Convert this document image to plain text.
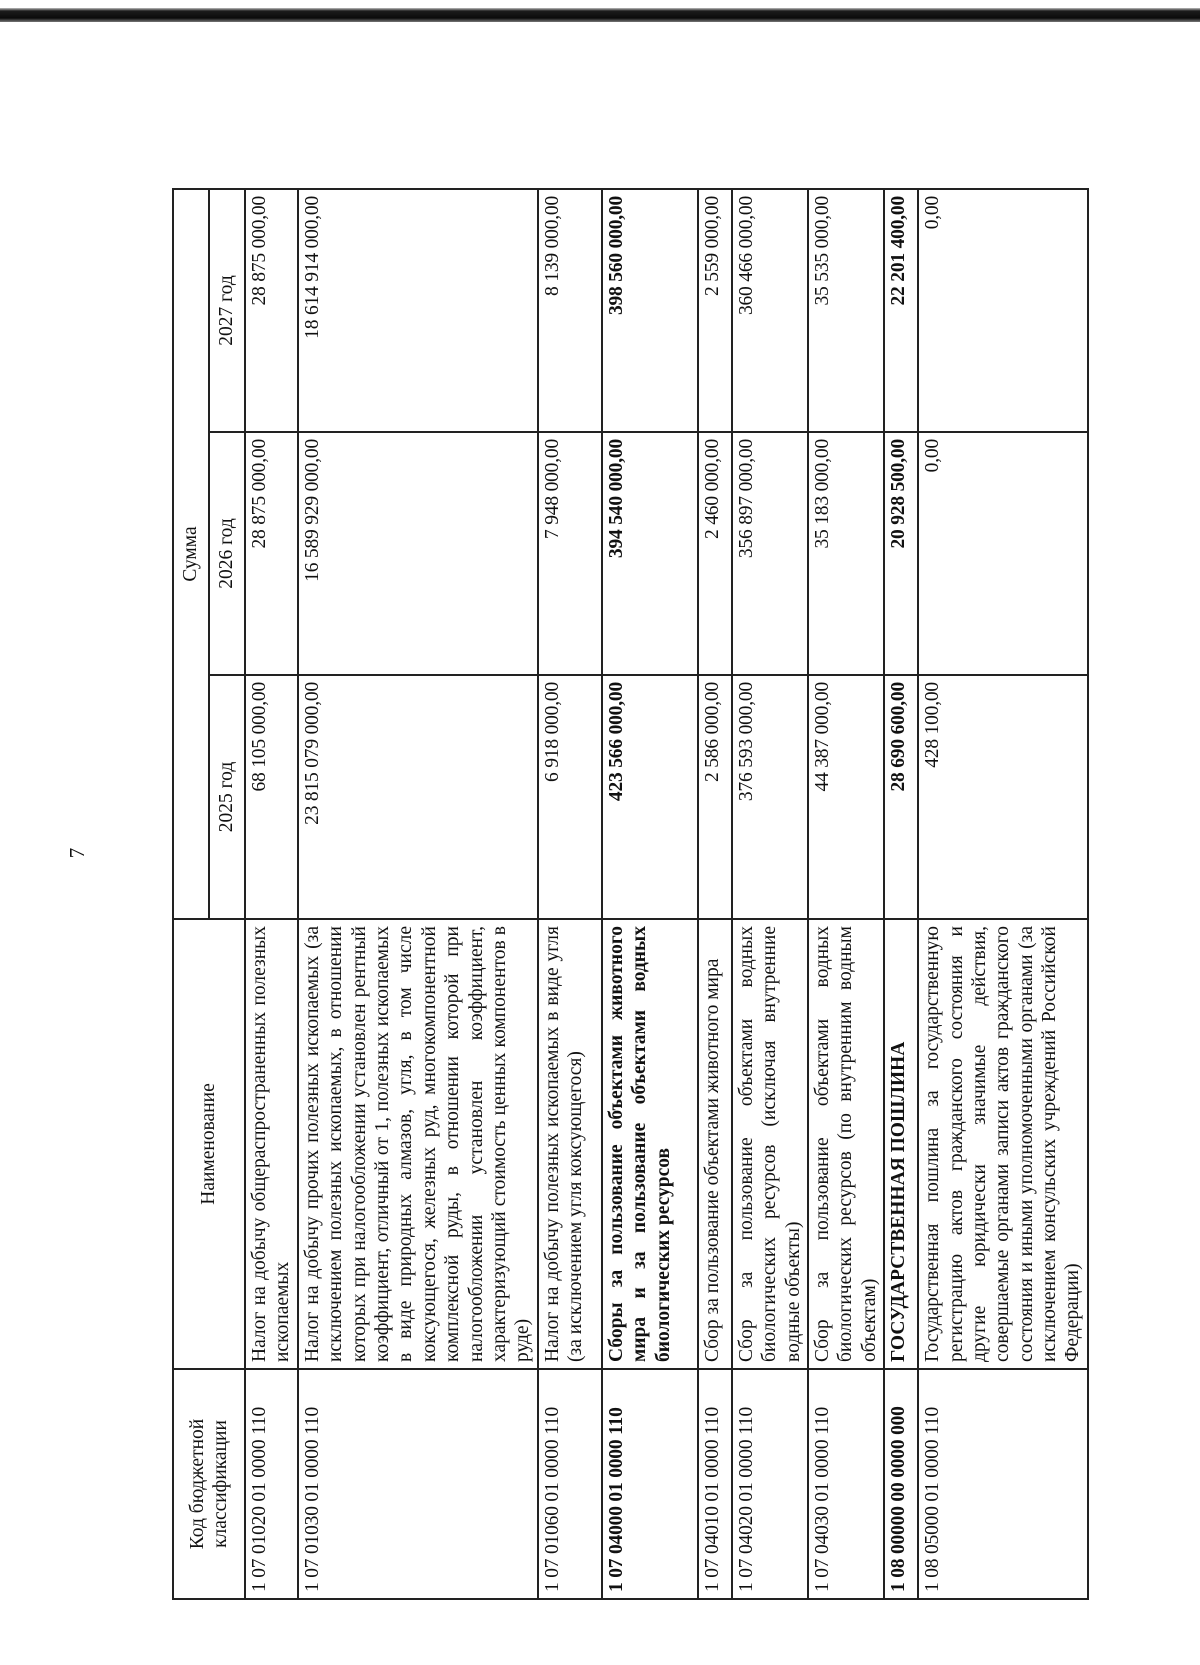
7
Код бюджетной классификации	Наименование	Сумма		
		2025 год	2026 год	2027 год
1 07 01020 01 0000 110	Налог на добычу общераспространенных полезных ископаемых	68 105 000,00	28 875 000,00	28 875 000,00
1 07 01030 01 0000 110	Налог на добычу прочих полезных ископаемых (за исключением полезных ископаемых, в отношении которых при налогообложении установлен рентный коэффициент, отличный от 1, полезных ископаемых в виде природных алмазов, угля, в том числе коксующегося, железных руд, многокомпонентной комплексной руды, в отношении которой при налогообложении установлен коэффициент, характеризующий стоимость ценных компонентов в руде)	23 815 079 000,00	16 589 929 000,00	18 614 914 000,00
1 07 01060 01 0000 110	Налог на добычу полезных ископаемых в виде угля (за исключением угля коксующегося)	6 918 000,00	7 948 000,00	8 139 000,00
1 07 04000 01 0000 110	Сборы за пользование объектами животного мира и за пользование объектами водных биологических ресурсов	423 566 000,00	394 540 000,00	398 560 000,00
1 07 04010 01 0000 110	Сбор за пользование объектами животного мира	2 586 000,00	2 460 000,00	2 559 000,00
1 07 04020 01 0000 110	Сбор за пользование объектами водных биологических ресурсов (исключая внутренние водные объекты)	376 593 000,00	356 897 000,00	360 466 000,00
1 07 04030 01 0000 110	Сбор за пользование объектами водных биологических ресурсов (по внутренним водным объектам)	44 387 000,00	35 183 000,00	35 535 000,00
1 08 00000 00 0000 000	ГОСУДАРСТВЕННАЯ ПОШЛИНА	28 690 600,00	20 928 500,00	22 201 400,00
1 08 05000 01 0000 110	Государственная пошлина за государственную регистрацию актов гражданского состояния и другие юридически значимые действия, совершаемые органами записи актов гражданского состояния и иными уполномоченными органами (за исключением консульских учреждений Российской Федерации)	428 100,00	0,00	0,00
